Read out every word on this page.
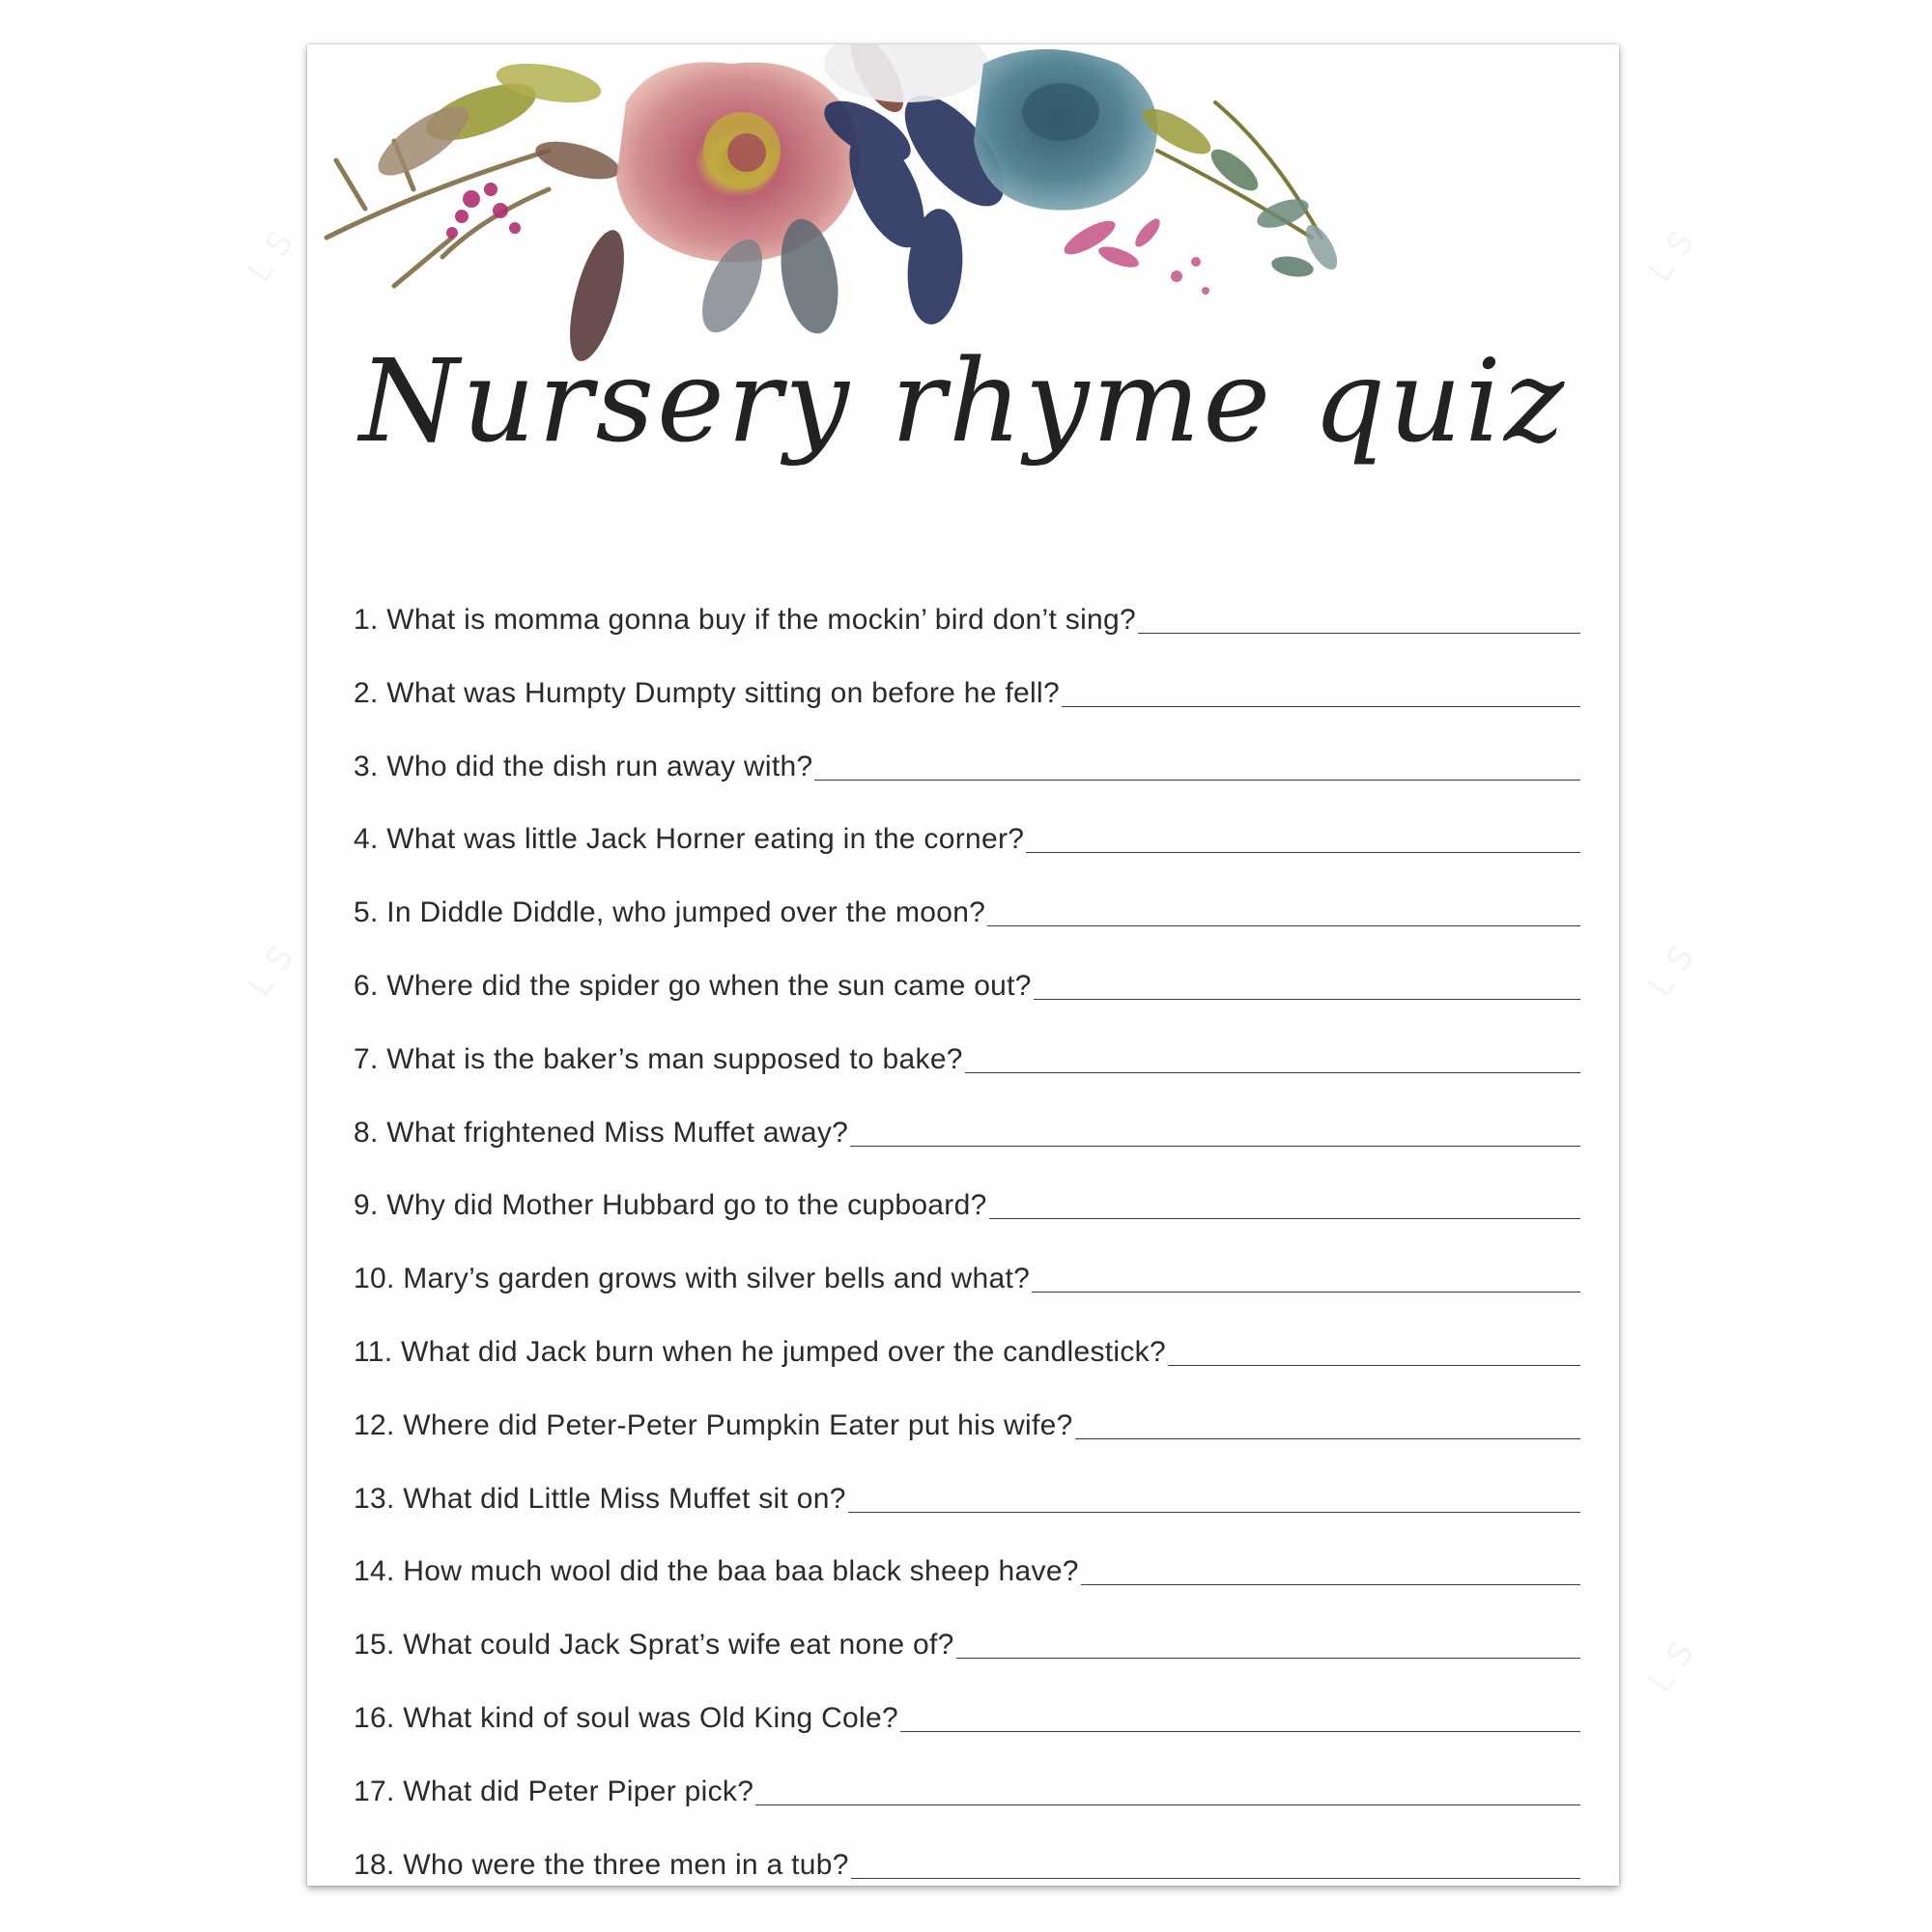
Nursery rhyme quiz
1. What is momma gonna buy if the mockin’ bird don’t sing?
2. What was Humpty Dumpty sitting on before he fell?
3. Who did the dish run away with?
4. What was little Jack Horner eating in the corner?
5. In Diddle Diddle, who jumped over the moon?
6. Where did the spider go when the sun came out?
7. What is the baker’s man supposed to bake?
8. What frightened Miss Muffet away?
9. Why did Mother Hubbard go to the cupboard?
10. Mary’s garden grows with silver bells and what?
11. What did Jack burn when he jumped over the candlestick?
12. Where did Peter-Peter Pumpkin Eater put his wife?
13. What did Little Miss Muffet sit on?
14. How much wool did the baa baa black sheep have?
15. What could Jack Sprat’s wife eat none of?
16. What kind of soul was Old King Cole?
17. What did Peter Piper pick?
18. Who were the three men in a tub?
